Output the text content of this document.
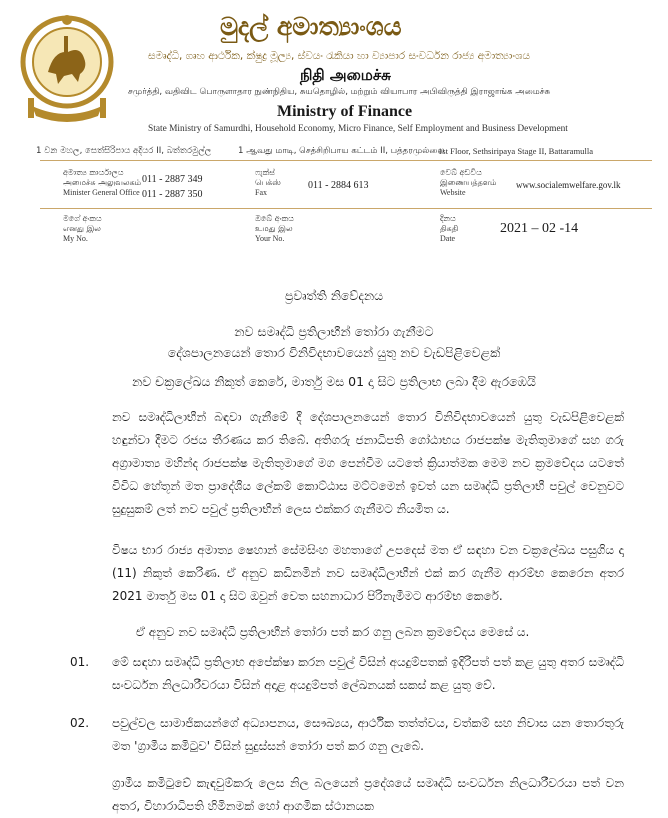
මුදල් අමාත්‍යාංශය
සමෘද්ධි, ගෘහ ආර්ථික, ක්ෂුද්‍ර මූල්‍ය, ස්වයං රැකියා හා ව්‍යාපාර සංවර්ධන රාජ්‍ය අමාත්‍යාංශය
நிதி அமைச்சு
சமுர்த்தி, வதிவிட பொருளாதார நுண்நிதிய, சுயதொழில், மற்றும் வியாபார அபிவிருத்தி இராஜாங்க அமைச்சு
Ministry of Finance
State Ministry of Samurdhi, Household Economy, Micro Finance, Self Employment and Business Development
1 වන මහල, සෙත්සිරිපාය අදියර II, බත්තරමුල්ල	1 ஆவது மாடி, செத்சிறிபாய கட்டம் II, பத்தரமுல்லை
1st Floor, Sethsiripaya Stage II, Battaramulla
අමාත්‍ය කාර්යාලය
அமைச்சு அலுவலகம்
Minister General Office
011 - 2887 349
011 - 2887 350
ෆැක්ස්
பெக்ஸ்
Fax
011 - 2884 613
වෙබ් අඩවිය
இணையத்தளம்
Website
www.socialemwelfare.gov.lk
මගේ අංකය
எனது இல
My No.
ඔබේ අංකය
உமது இல
Your No.
දිනය
திகதி
Date
2021 – 02 -14
ප්‍රවෘත්ති නිවේදනය
නව සමෘද්ධි ප්‍රතිලාභීන් තෝරා ගැනීමට
දේශපාලනයෙන් තොර විනිවිදභාවයෙන් යුතු නව වැඩපිළිවෙළක්
නව චක්‍රලේඛය නිකුත් කෙරේ, මාර්තු මස 01 දා සිට ප්‍රතිලාභ ලබා දීම ඇරඹෙයි
නව සමෘද්ධිලාභීන් බඳවා ගැනීමේ දී දේශපාලනයෙන් තොර විනිවිදභාවයෙන් යුතු වැඩපිළිවෙළක් හඳුන්වා දීමට රජය තීරණය කර තිබේ. අතිගරු ජනාධිපති ගෝඨාභය රාජපක්ෂ මැතිතුමාගේ සහ ගරු අග්‍රාමාත්‍ය මහින්ද රාජපක්ෂ මැතිතුමාගේ මග පෙන්වීම යටතේ ක්‍රියාත්මක මෙම නව ක්‍රමවේදය යටතේ විවිධ හේතූන් මත ප්‍රාදේශීය ලේකම් කොට්ඨාස මට්ටමෙන් ඉවත් යන සමෘද්ධි ප්‍රතිලාභී පවුල් වෙනුවට සුදුසුකම් ලත් නව පවුල් ප්‍රතිලාභීන් ලෙස එක්කර ගැනීමට නියමිත ය.
විෂය භාර රාජ්‍ය අමාත්‍ය ෂෙහාන් සේමසිංහ මහතාගේ උපදෙස් මත ඒ සඳහා වන චක්‍රලේඛය පසුගිය දා (11) නිකුත් කෙරිණ. ඒ අනුව කඩිනමින් නව සමෘද්ධිලාභීන් එක් කර ගැනීම ආරම්භ කෙරෙන අතර 2021 මාර්තු මස 01 දා සිට ඔවුන් වෙත සහනාධාර පිරිනැමීමට ආරම්භ කෙරේ.
ඒ අනුව නව සමෘද්ධි ප්‍රතිලාභීන් තෝරා පත් කර ගනු ලබන ක්‍රමවේදය මෙසේ ය.
01. මේ සඳහා සමෘද්ධි ප්‍රතිලාභ අපේක්ෂා කරන පවුල් විසින් අයදුම්පතක් ඉදිරිපත් පත් කළ යුතු අතර සමෘද්ධි සංවර්ධන නිලධාරීවරයා විසින් අදාළ අයදුම්පත් ලේඛනයක් සකස් කළ යුතු වේ.
02. පවුල්වල සාමාජිකයන්ගේ අධ්‍යාපනය, සෞඛ්‍යය, ආර්ථික තත්ත්වය, වත්කම් සහ නිවාස යන තොරතුරු මත 'ග්‍රාමීය කමිටුව' විසින් සුදුස්සන් තෝරා පත් කර ගනු ලැබේ.
ග්‍රාමීය කමිටුවේ කැඳවුම්කරු ලෙස නිල බලයෙන් ප්‍රදේශයේ සමෘද්ධි සංවර්ධන නිලධාරීවරයා පත් වන අතර, විහාරාධිපති හිමිනමක් හෝ ආගමික ස්ථානයක
